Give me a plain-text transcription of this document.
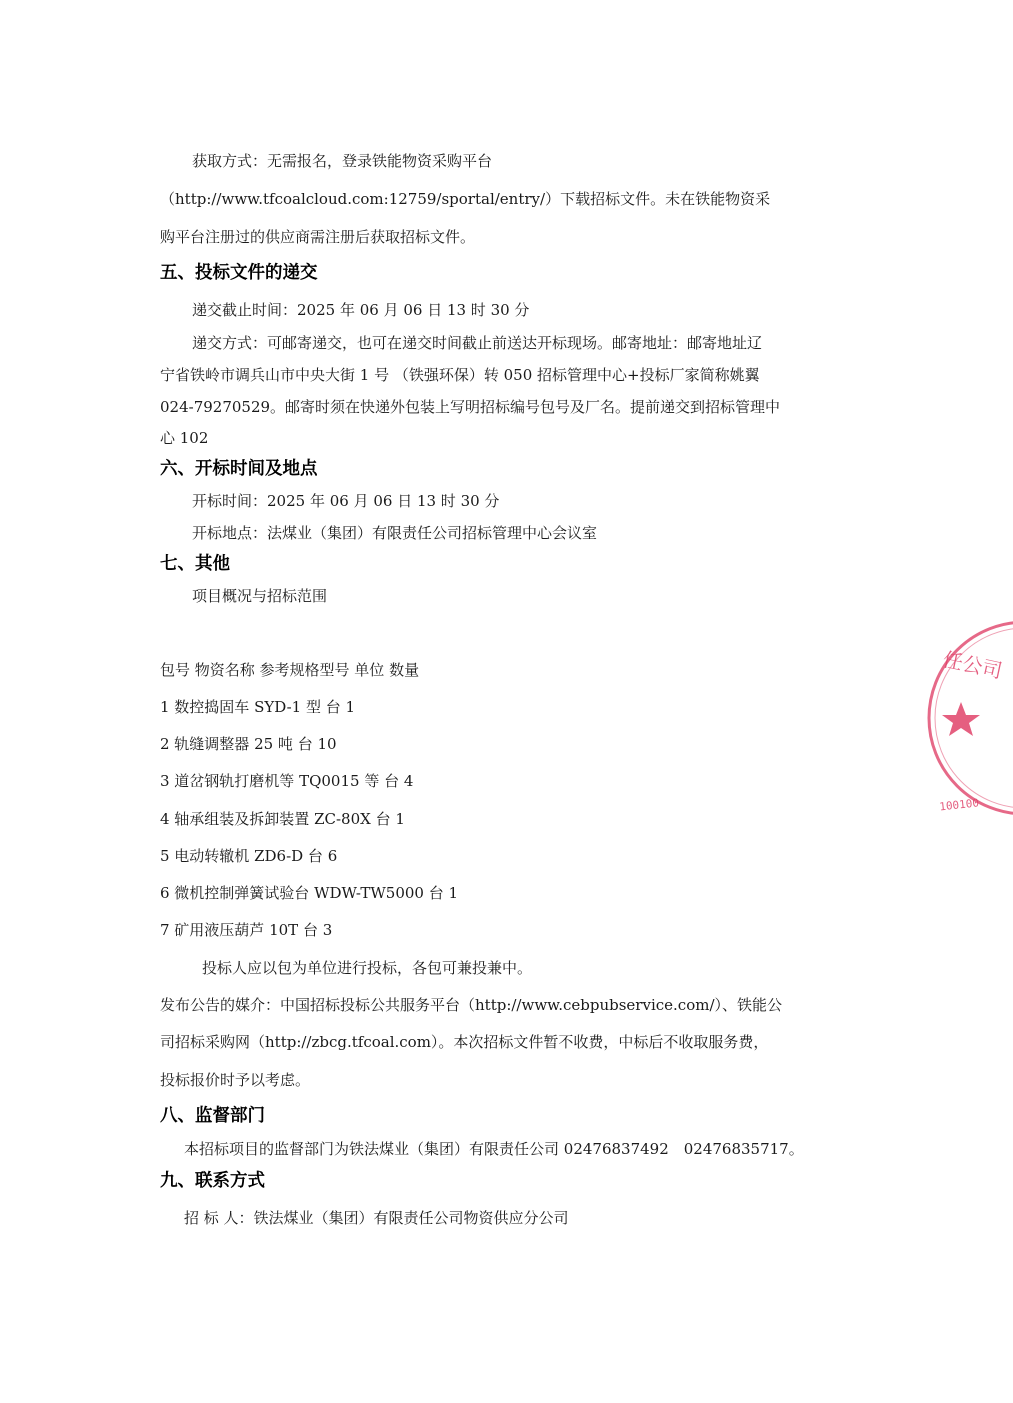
获取方式：无需报名，登录铁能物资采购平台
（http://www.tfcoalcloud.com:12759/sportal/entry/）下载招标文件。未在铁能物资采
购平台注册过的供应商需注册后获取招标文件。
五、投标文件的递交
递交截止时间：2025 年 06 月 06 日 13 时 30 分
递交方式：可邮寄递交，也可在递交时间截止前送达开标现场。邮寄地址：邮寄地址辽
宁省铁岭市调兵山市中央大街 1 号 （铁强环保）转 050 招标管理中心+投标厂家简称姚翼
024-79270529。邮寄时须在快递外包装上写明招标编号包号及厂名。提前递交到招标管理中
心 102
六、开标时间及地点
开标时间：2025 年 06 月 06 日 13 时 30 分
开标地点：法煤业（集团）有限责任公司招标管理中心会议室
七、其他
项目概况与招标范围
包号 物资名称 参考规格型号 单位 数量
1 数控捣固车 SYD-1 型 台 1
2 轨缝调整器 25 吨 台 10
3 道岔钢轨打磨机等 TQ0015 等 台 4
4 轴承组装及拆卸装置 ZC-80X 台 1
5 电动转辙机 ZD6-D 台 6
6 微机控制弹簧试验台 WDW-TW5000 台 1
7 矿用液压葫芦 10T 台 3
投标人应以包为单位进行投标，各包可兼投兼中。
发布公告的媒介：中国招标投标公共服务平台（http://www.cebpubservice.com/）、铁能公
司招标采购网（http://zbcg.tfcoal.com）。本次招标文件暂不收费，中标后不收取服务费，
投标报价时予以考虑。
八、监督部门
本招标项目的监督部门为铁法煤业（集团）有限责任公司 02476837492　02476835717。
九、联系方式
招 标 人：铁法煤业（集团）有限责任公司物资供应分公司
任公司
100100
